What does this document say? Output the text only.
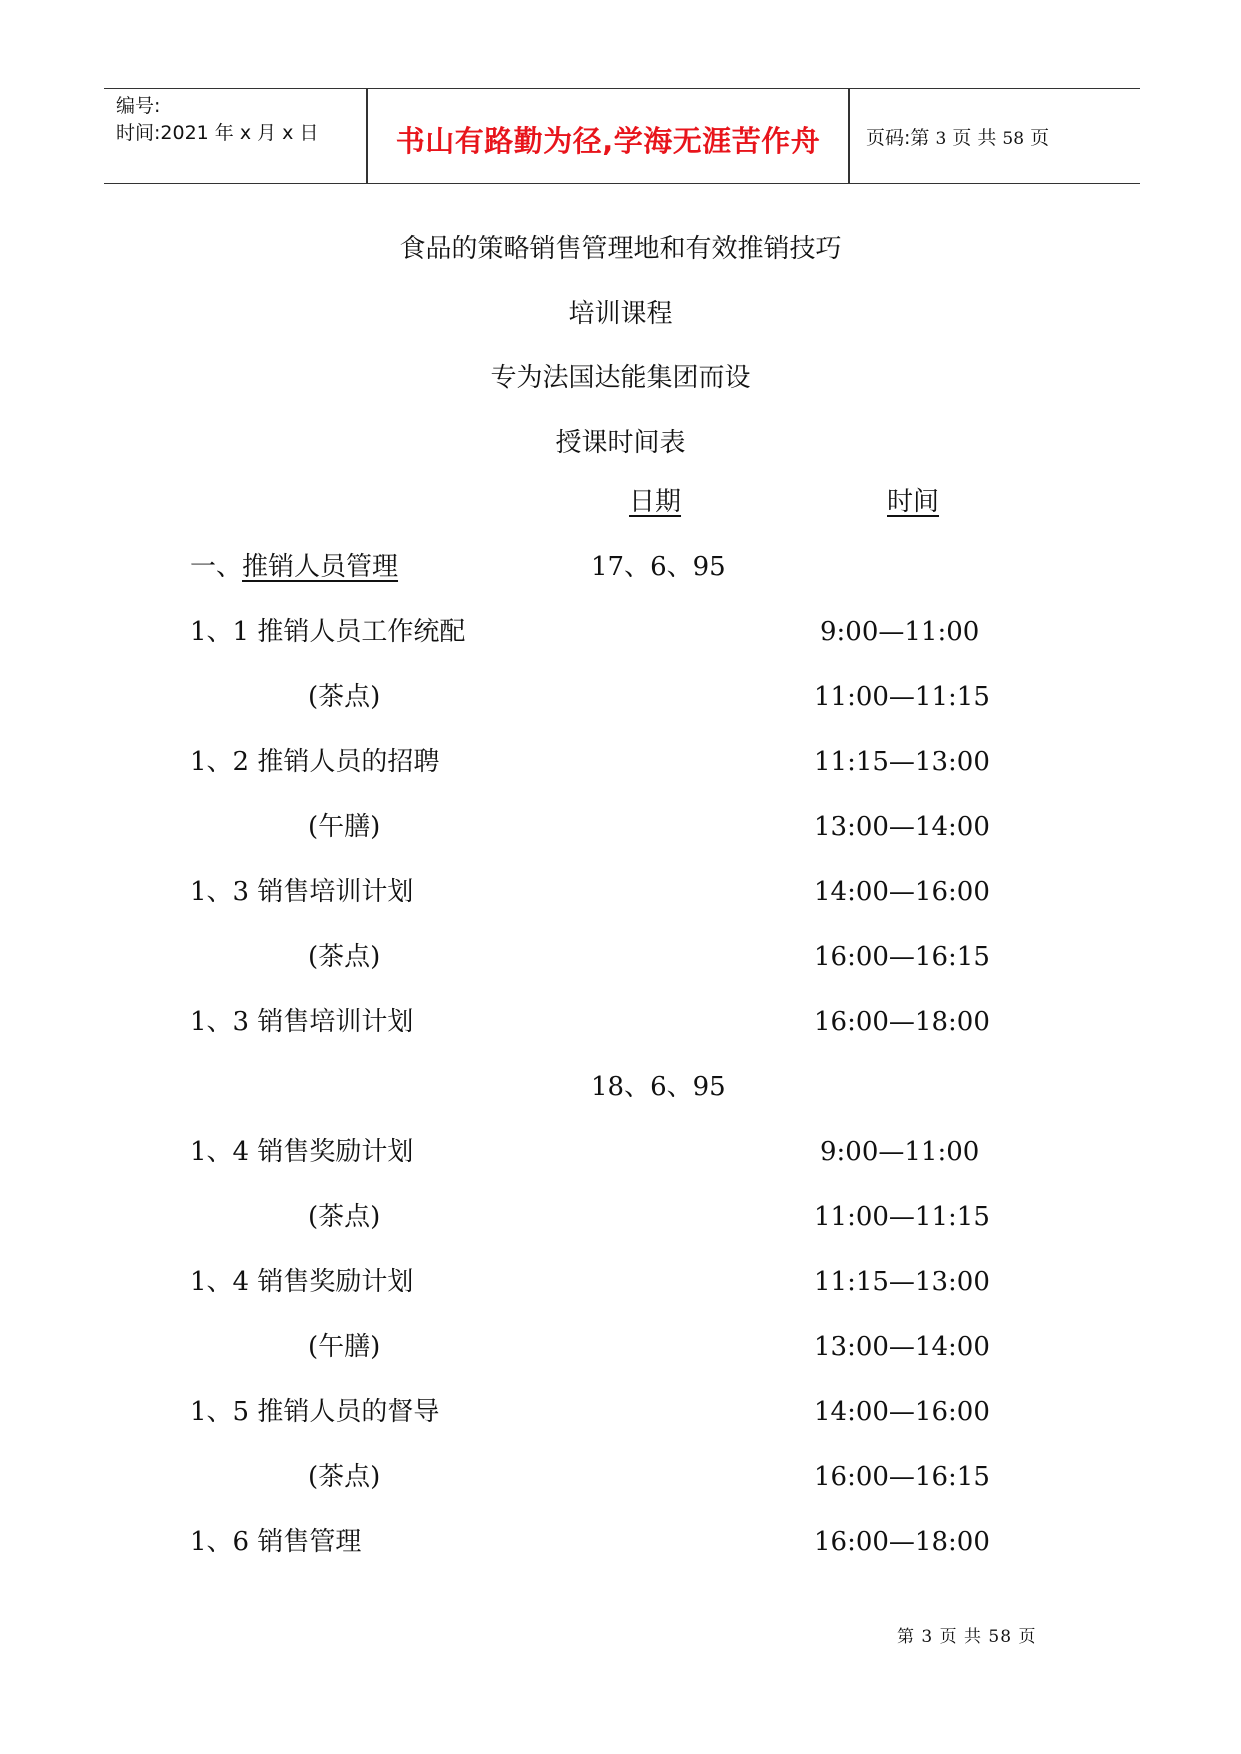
编号:
时间:2021 年 x 月 x 日	书山有路勤为径,学海无涯苦作舟	页码:第 3 页 共 58 页
食品的策略销售管理地和有效推销技巧
培训课程
专为法国达能集团而设
授课时间表
日期	时间
一、推销人员管理	17、6、95
1、1 推销人员工作统配	9:00—11:00
(茶点)	11:00—11:15
1、2 推销人员的招聘	11:15—13:00
(午膳)	13:00—14:00
1、3 销售培训计划	14:00—16:00
(茶点)	16:00—16:15
1、3 销售培训计划	16:00—18:00
18、6、95
1、4 销售奖励计划	9:00—11:00
(茶点)	11:00—11:15
1、4 销售奖励计划	11:15—13:00
(午膳)	13:00—14:00
1、5 推销人员的督导	14:00—16:00
(茶点)	16:00—16:15
1、6 销售管理	16:00—18:00
第 3 页 共 58 页
